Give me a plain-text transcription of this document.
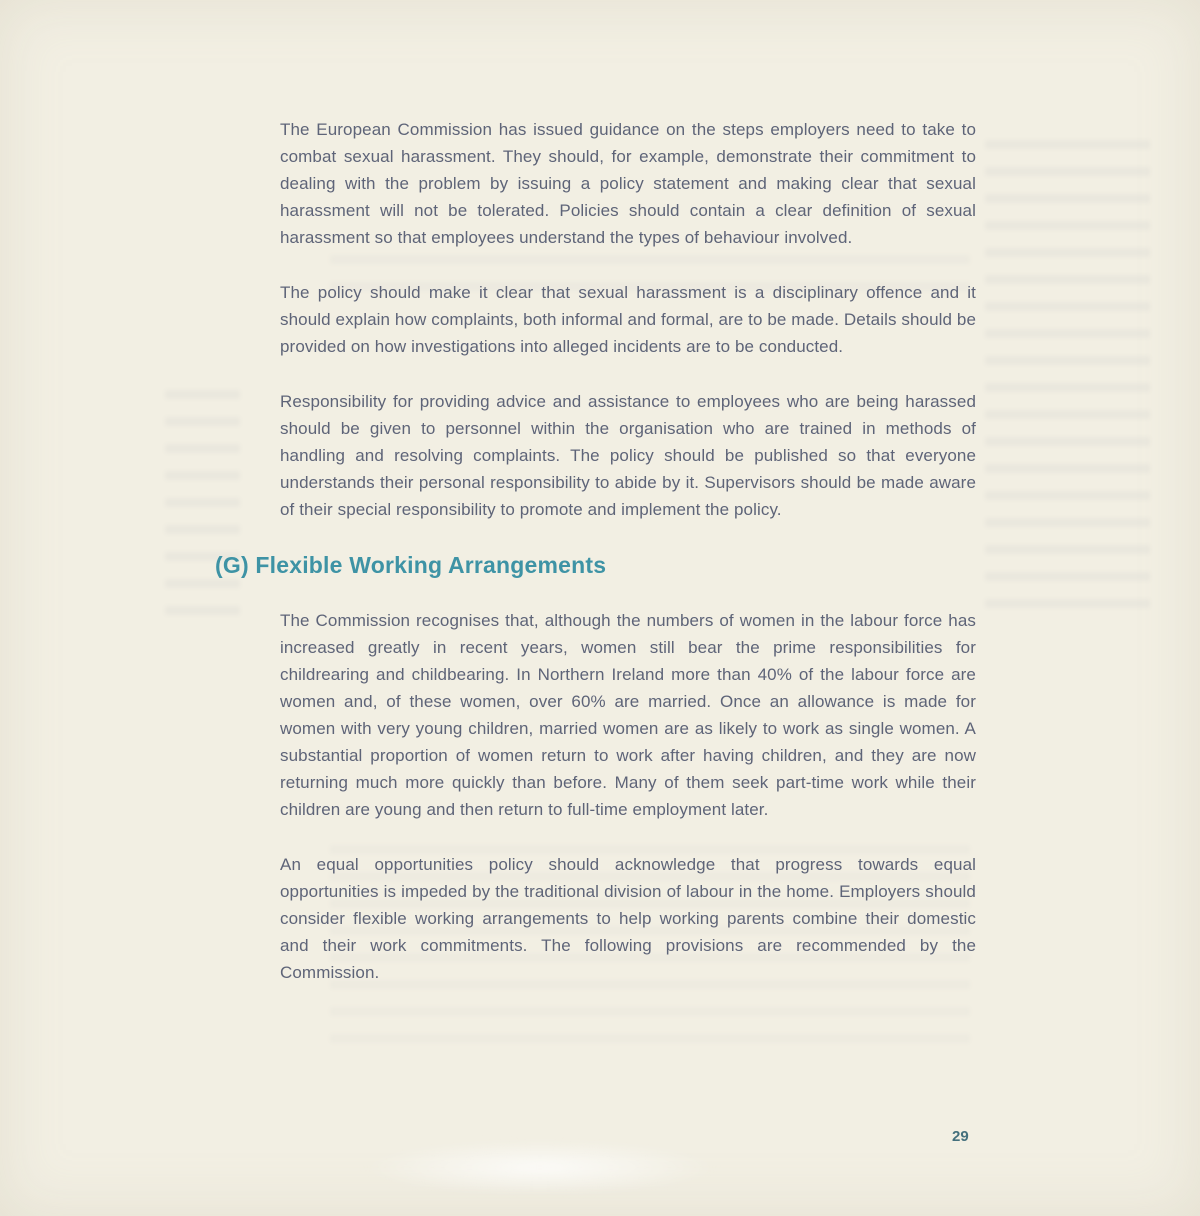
The European Commission has issued guidance on the steps employers need to take to combat sexual harassment. They should, for example, demonstrate their commitment to dealing with the problem by issuing a policy statement and making clear that sexual harassment will not be tolerated. Policies should contain a clear definition of sexual harassment so that employees understand the types of behaviour involved.

The policy should make it clear that sexual harassment is a disciplinary offence and it should explain how complaints, both informal and formal, are to be made. Details should be provided on how investigations into alleged incidents are to be conducted.

Responsibility for providing advice and assistance to employees who are being harassed should be given to personnel within the organisation who are trained in methods of handling and resolving complaints. The policy should be published so that everyone understands their personal responsibility to abide by it. Supervisors should be made aware of their special responsibility to promote and implement the policy.

(G) Flexible Working Arrangements

The Commission recognises that, although the numbers of women in the labour force has increased greatly in recent years, women still bear the prime responsibilities for childrearing and childbearing. In Northern Ireland more than 40% of the labour force are women and, of these women, over 60% are married. Once an allowance is made for women with very young children, married women are as likely to work as single women. A substantial proportion of women return to work after having children, and they are now returning much more quickly than before. Many of them seek part-time work while their children are young and then return to full-time employment later.

An equal opportunities policy should acknowledge that progress towards equal opportunities is impeded by the traditional division of labour in the home. Employers should consider flexible working arrangements to help working parents combine their domestic and their work commitments. The following provisions are recommended by the Commission.

29
